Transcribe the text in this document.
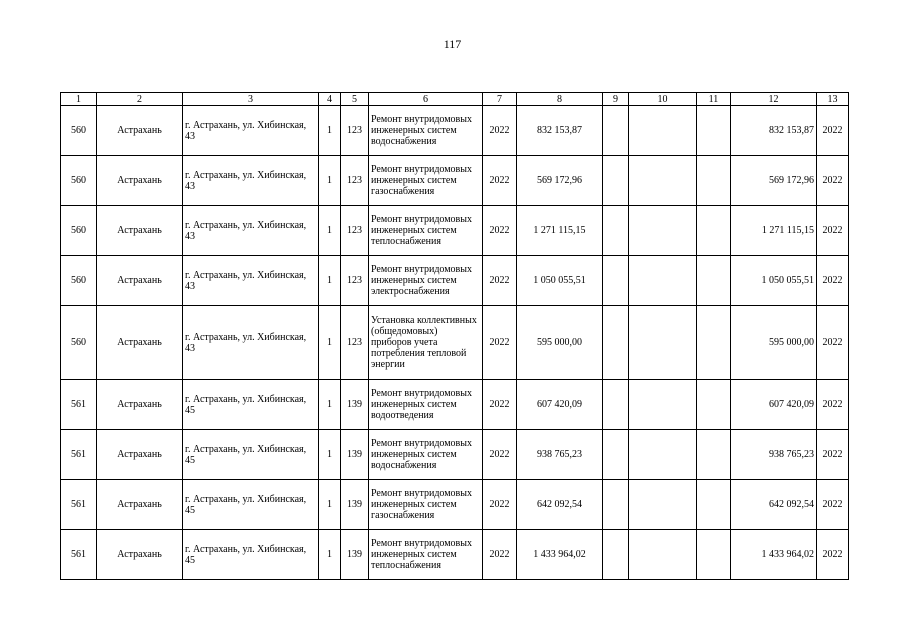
117
1	2	3	4	5	6	7	8	9	10	11	12	13
560	Астрахань	г. Астрахань, ул. Хибинская, 43	1	123	Ремонт внутридомовых инженерных систем водоснабжения	2022	832 153,87				832 153,87	2022
560	Астрахань	г. Астрахань, ул. Хибинская, 43	1	123	Ремонт внутридомовых инженерных систем газоснабжения	2022	569 172,96				569 172,96	2022
560	Астрахань	г. Астрахань, ул. Хибинская, 43	1	123	Ремонт внутридомовых инженерных систем теплоснабжения	2022	1 271 115,15				1 271 115,15	2022
560	Астрахань	г. Астрахань, ул. Хибинская, 43	1	123	Ремонт внутридомовых инженерных систем электроснабжения	2022	1 050 055,51				1 050 055,51	2022
560	Астрахань	г. Астрахань, ул. Хибинская, 43	1	123	Установка коллективных (общедомовых) приборов учета потребления тепловой энергии	2022	595 000,00				595 000,00	2022
561	Астрахань	г. Астрахань, ул. Хибинская, 45	1	139	Ремонт внутридомовых инженерных систем водоотведения	2022	607 420,09				607 420,09	2022
561	Астрахань	г. Астрахань, ул. Хибинская, 45	1	139	Ремонт внутридомовых инженерных систем водоснабжения	2022	938 765,23				938 765,23	2022
561	Астрахань	г. Астрахань, ул. Хибинская, 45	1	139	Ремонт внутридомовых инженерных систем газоснабжения	2022	642 092,54				642 092,54	2022
561	Астрахань	г. Астрахань, ул. Хибинская, 45	1	139	Ремонт внутридомовых инженерных систем теплоснабжения	2022	1 433 964,02				1 433 964,02	2022
